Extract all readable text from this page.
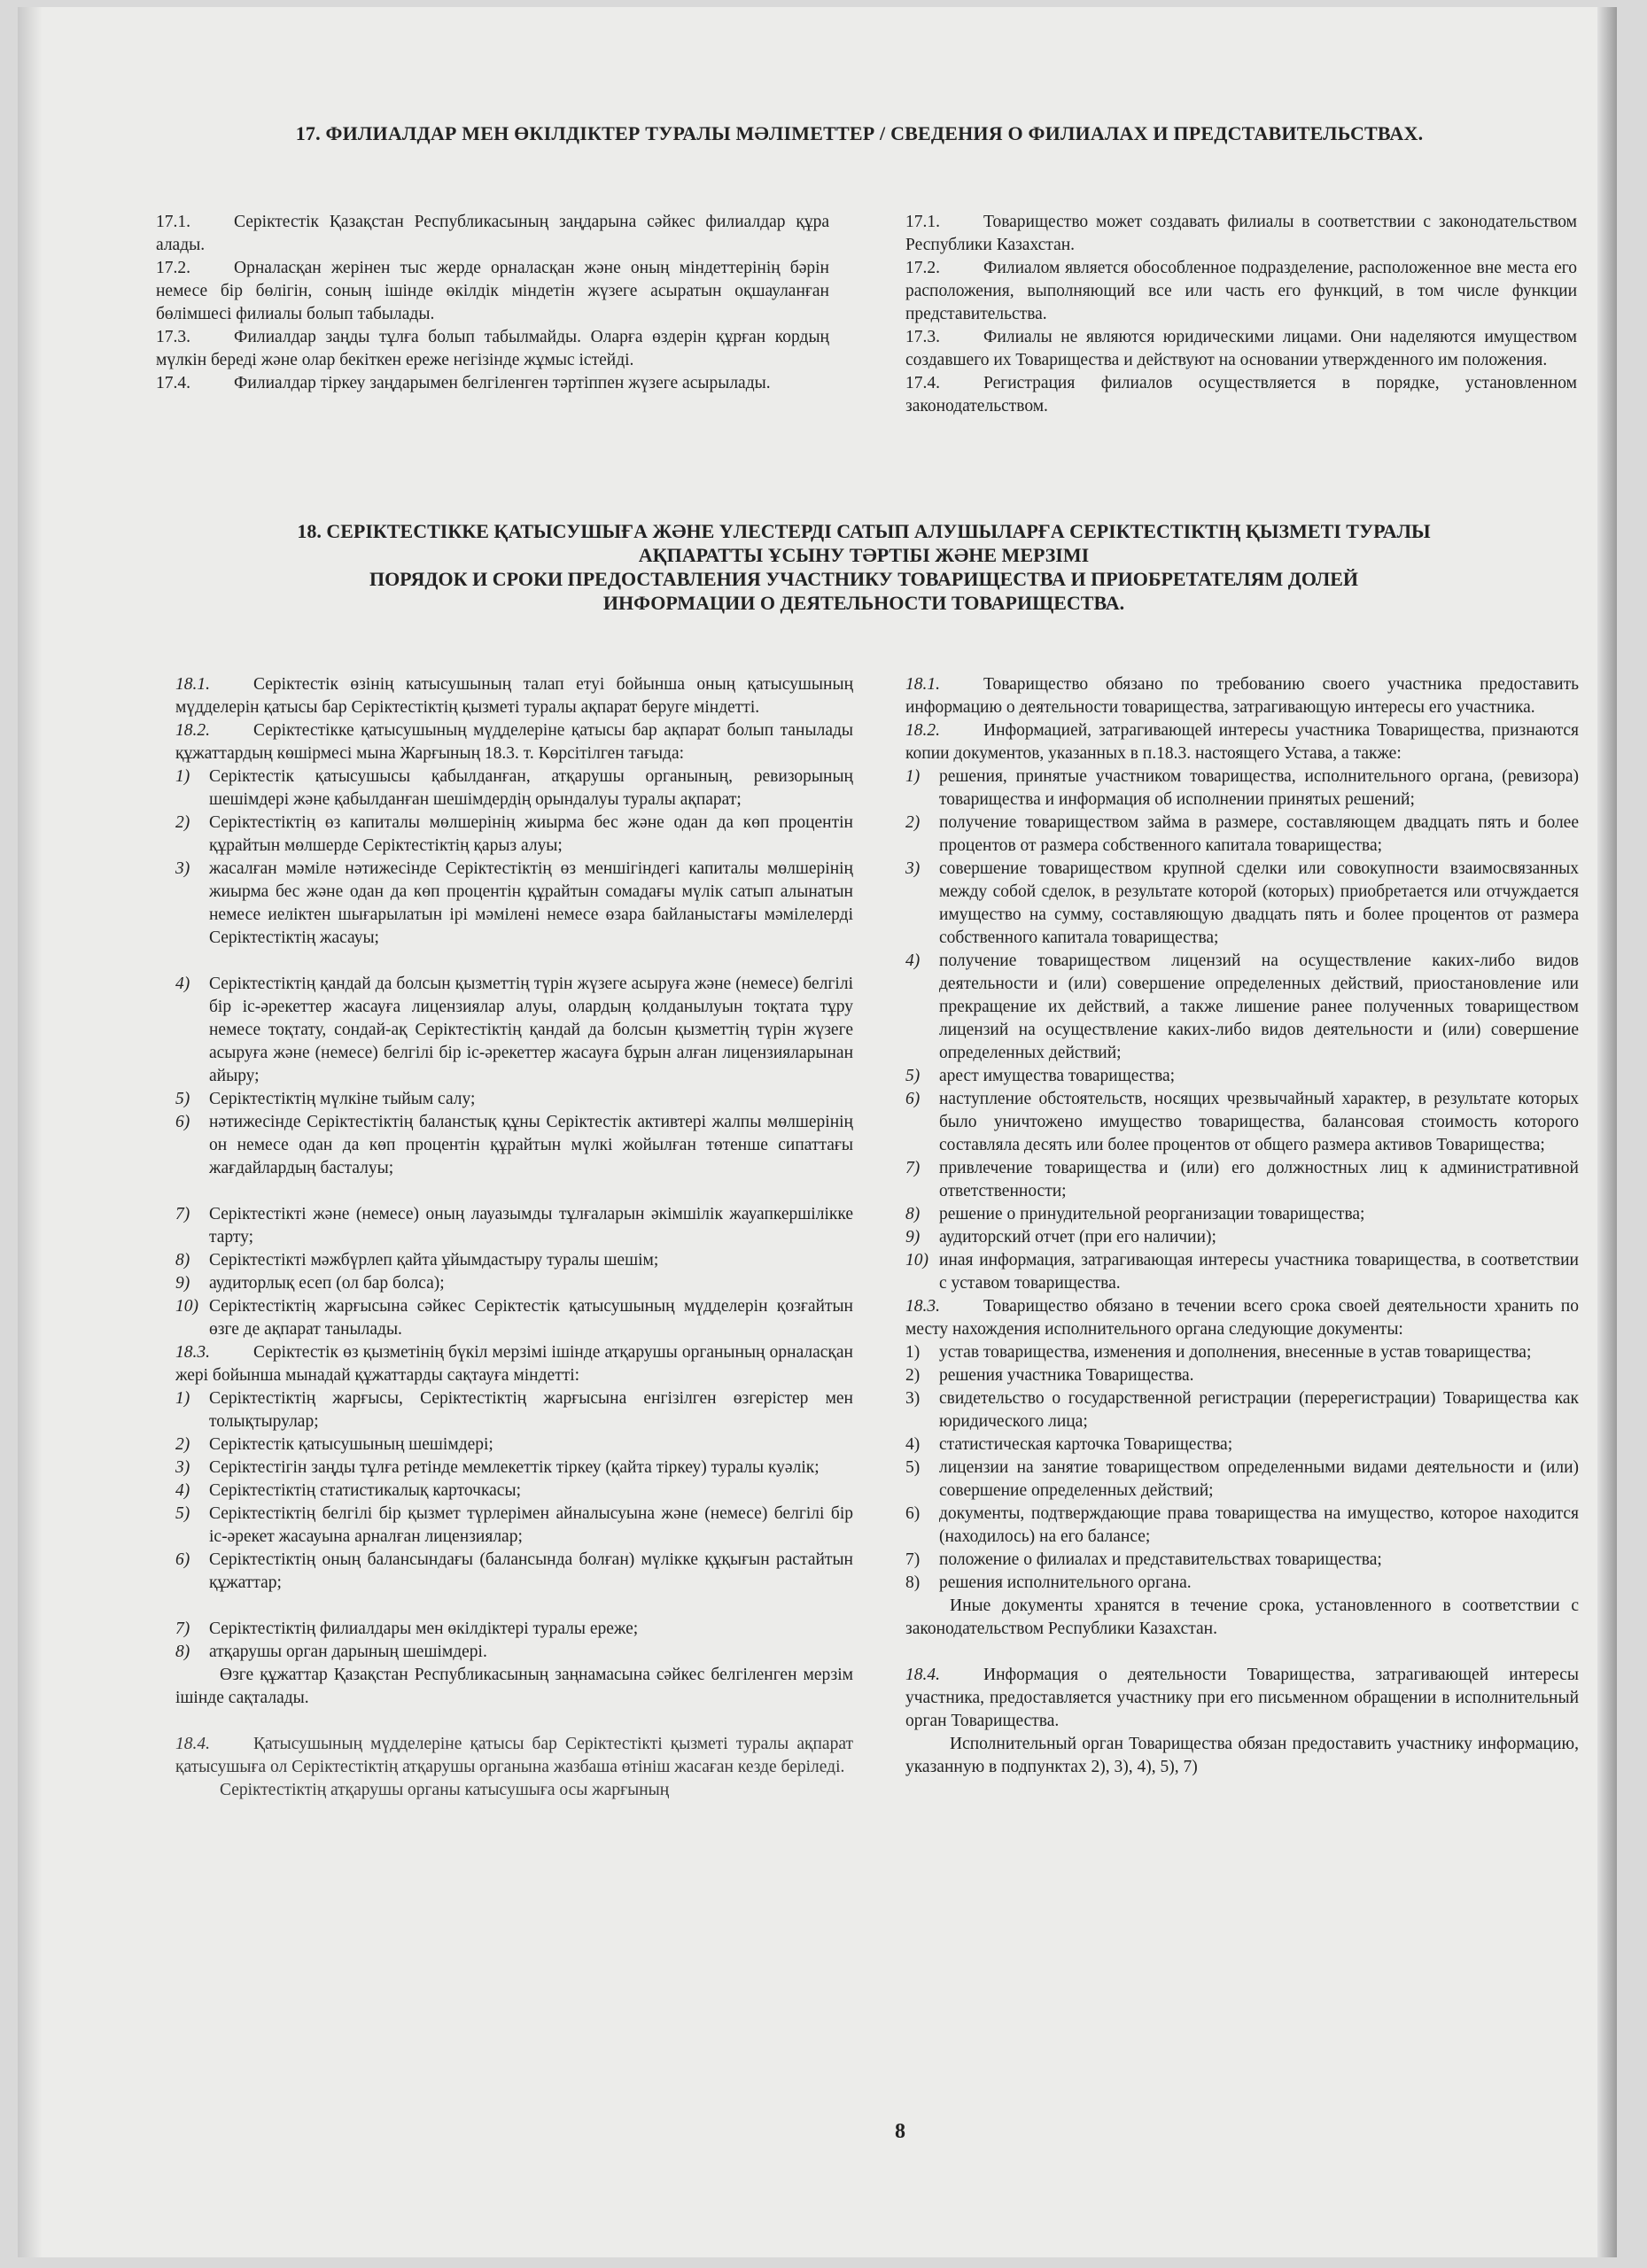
17. ФИЛИАЛДАР МЕН ӨКІЛДІКТЕР ТУРАЛЫ МӘЛІМЕТТЕР / СВЕДЕНИЯ О ФИЛИАЛАХ И ПРЕДСТАВИТЕЛЬСТВАХ.

17.1.	Серіктестік Қазақстан Республикасының заңдарына сәйкес филиалдар құра алады.

17.2.	Орналасқан жерінен тыс жерде орналасқан және оның міндеттерінің бәрін немесе бір бөлігін, соның ішінде өкілдік міндетін жүзеге асыратын оқшауланған бөлімшесі филиалы болып табылады.

17.3.	Филиалдар заңды тұлға болып табылмайды. Оларға өздерін құрған кордың мүлкін береді және олар бекіткен ереже негізінде жұмыс істейді.

17.4.	Филиалдар тіркеу заңдарымен белгіленген тәртіппен жүзеге асырылады.

17.1.	Товарищество может создавать филиалы в соответствии с законодательством Республики Казахстан.

17.2.	Филиалом является обособленное подразделение, расположенное вне места его расположения, выполняющий все или часть его функций, в том числе функции представительства.

17.3.	Филиалы не являются юридическими лицами. Они наделяются имуществом создавшего их Товарищества и действуют на основании утвержденного им положения.

17.4.	Регистрация филиалов осуществляется в порядке, установленном законодательством.

18. СЕРІКТЕСТІККЕ ҚАТЫСУШЫҒА ЖӘНЕ ҮЛЕСТЕРДІ САТЫП АЛУШЫЛАРҒА СЕРІКТЕСТІКТІҢ ҚЫЗМЕТІ ТУРАЛЫ
АҚПАРАТТЫ ҰСЫНУ ТӘРТІБІ ЖӘНЕ МЕРЗІМІ
ПОРЯДОК И СРОКИ ПРЕДОСТАВЛЕНИЯ УЧАСТНИКУ ТОВАРИЩЕСТВА И ПРИОБРЕТАТЕЛЯМ ДОЛЕЙ
ИНФОРМАЦИИ О ДЕЯТЕЛЬНОСТИ ТОВАРИЩЕСТВА.

18.1.	Серіктестік өзінің катысушының талап етуі бойынша оның қатысушының мүдделерін қатысы бар Серіктестіктің қызметі туралы ақпарат беруге міндетті.

18.2.	Серіктестікке қатысушының мүдделеріне қатысы бар ақпарат болып танылады құжаттардың көшірмесі мына Жарғының 18.3. т. Көрсітілген тағыда:

1)	Серіктестік қатысушысы қабылданған, атқарушы органының, ревизорының шешімдері және қабылданған шешімдердің орындалуы туралы ақпарат;
2)	Серіктестіктің өз капиталы мөлшерінің жиырма бес және одан да көп процентін құрайтын мөлшерде Серіктестіктің қарыз алуы;
3)	жасалған мәміле нәтижесінде Серіктестіктің өз меншігіндегі капиталы мөлшерінің жиырма бес және одан да көп процентін құрайтын сомадағы мүлік сатып алынатын немесе иеліктен шығарылатын ірі мәмілені немесе өзара байланыстағы мәмілелерді Серіктестіктің жасауы;
4)	Серіктестіктің қандай да болсын қызметтің түрін жүзеге асыруға және (немесе) белгілі бір іс-әрекеттер жасауға лицензиялар алуы, олардың қолданылуын тоқтата тұру немесе тоқтату, сондай-ақ Серіктестіктің қандай да болсын қызметтің түрін жүзеге асыруға және (немесе) белгілі бір іс-әрекеттер жасауға бұрын алған лицензияларынан айыру;
5)	Серіктестіктің мүлкіне тыйым салу;
6)	нәтижесінде Серіктестіктің баланстық құны Серіктестік активтері жалпы мөлшерінің он немесе одан да көп процентін құрайтын мүлкі жойылған төтенше сипаттағы жағдайлардың басталуы;
7)	Серіктестікті және (немесе) оның лауазымды тұлғаларын әкімшілік жауапкершілікке тарту;
8)	Серіктестікті мәжбүрлеп қайта ұйымдастыру туралы шешім;
9)	аудиторлық есеп (ол бар болса);
10) Серіктестіктің жарғысына сәйкес Серіктестік қатысушының мүдделерін қозғайтын өзге де ақпарат танылады.

18.3.	Серіктестік өз қызметінің бүкіл мерзімі ішінде атқарушы органының орналасқан жері бойынша мынадай құжаттарды сақтауға міндетті:

1)	Серіктестіктің жарғысы, Серіктестіктің жарғысына енгізілген өзгерістер мен толықтырулар;
2)	Серіктестік қатысушының шешімдері;
3)	Серіктестігін заңды тұлға ретінде мемлекеттік тіркеу (қайта тіркеу) туралы куәлік;
4)	Серіктестіктің статистикалық карточкасы;
5)	Серіктестіктің белгілі бір қызмет түрлерімен айналысуына және (немесе) белгілі бір іс-әрекет жасауына арналған лицензиялар;
6)	Серіктестіктің оның балансындағы (балансында болған) мүлікке құқығын растайтын құжаттар;
7)	Серіктестіктің филиалдары мен өкілдіктері туралы ереже;
8)	атқарушы орган дарының шешімдері.

Өзге құжаттар Қазақстан Республикасының заңнамасына сәйкес белгіленген мерзім ішінде сақталады.

18.4.	Қатысушының мүдделеріне қатысы бар Серіктестікті қызметі туралы ақпарат қатысушыға ол Серіктестіктің атқарушы органына жазбаша өтініш жасаған кезде беріледі.

Серіктестіктің атқарушы органы катысушыға осы жарғының

18.1.	Товарищество обязано по требованию своего участника предоставить информацию о деятельности товарищества, затрагивающую интересы его участника.

18.2.	Информацией, затрагивающей интересы участника Товарищества, признаются копии документов, указанных в п.18.3. настоящего Устава, а также:

1)	решения, принятые участником товарищества, исполнительного органа, (ревизора) товарищества и информация об исполнении принятых решений;
2)	получение товариществом займа в размере, составляющем двадцать пять и более процентов от размера собственного капитала товарищества;
3)	совершение товариществом крупной сделки или совокупности взаимосвязанных между собой сделок, в результате которой (которых) приобретается или отчуждается имущество на сумму, составляющую двадцать пять и более процентов от размера собственного капитала товарищества;
4)	получение товариществом лицензий на осуществление каких-либо видов деятельности и (или) совершение определенных действий, приостановление или прекращение их действий, а также лишение ранее полученных товариществом лицензий на осуществление каких-либо видов деятельности и (или) совершение определенных действий;
5)	арест имущества товарищества;
6)	наступление обстоятельств, носящих чрезвычайный характер, в результате которых было уничтожено имущество товарищества, балансовая стоимость которого составляла десять или более процентов от общего размера активов Товарищества;
7)	привлечение товарищества и (или) его должностных лиц к административной ответственности;
8)	решение о принудительной реорганизации товарищества;
9)	аудиторский отчет (при его наличии);
10) иная информация, затрагивающая интересы участника товарищества, в соответствии с уставом товарищества.

18.3.	Товарищество обязано в течении всего срока своей деятельности хранить по месту нахождения исполнительного органа следующие документы:

1)	устав товарищества, изменения и дополнения, внесенные в устав товарищества;
2)	решения участника Товарищества.
3)	свидетельство о государственной регистрации (перерегистрации) Товарищества как юридического лица;
4)	статистическая карточка Товарищества;
5)	лицензии на занятие товариществом определенными видами деятельности и (или) совершение определенных действий;
6)	документы, подтверждающие права товарищества на имущество, которое находится (находилось) на его балансе;
7)	положение о филиалах и представительствах товарищества;
8)	решения исполнительного органа.

Иные документы хранятся в течение срока, установленного в соответствии с законодательством Республики Казахстан.

18.4.	Информация о деятельности Товарищества, затрагивающей интересы участника, предоставляется участнику при его письменном обращении в исполнительный орган Товарищества.

Исполнительный орган Товарищества обязан предоставить участнику информацию, указанную в подпунктах 2), 3), 4), 5), 7)

8
